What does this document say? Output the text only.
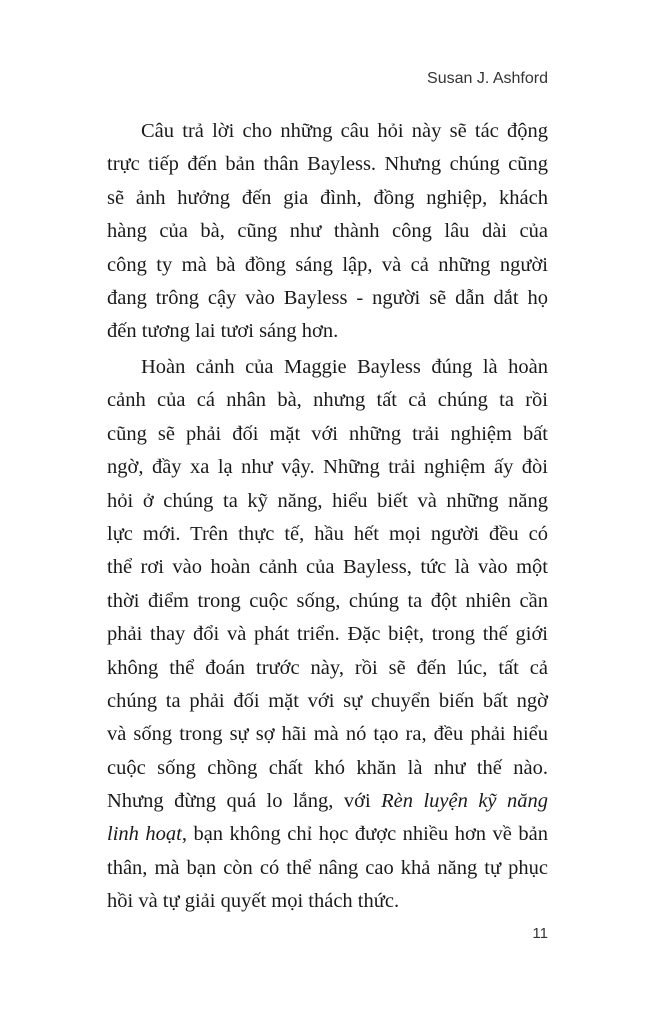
Susan J. Ashford
Câu trả lời cho những câu hỏi này sẽ tác động
trực tiếp đến bản thân Bayless. Nhưng chúng cũng
sẽ ảnh hưởng đến gia đình, đồng nghiệp, khách
hàng của bà, cũng như thành công lâu dài của
công ty mà bà đồng sáng lập, và cả những người
đang trông cậy vào Bayless - người sẽ dẫn dắt họ
đến tương lai tươi sáng hơn.
Hoàn cảnh của Maggie Bayless đúng là hoàn
cảnh của cá nhân bà, nhưng tất cả chúng ta rồi
cũng sẽ phải đối mặt với những trải nghiệm bất
ngờ, đầy xa lạ như vậy. Những trải nghiệm ấy đòi
hỏi ở chúng ta kỹ năng, hiểu biết và những năng
lực mới. Trên thực tế, hầu hết mọi người đều có
thể rơi vào hoàn cảnh của Bayless, tức là vào một
thời điểm trong cuộc sống, chúng ta đột nhiên cần
phải thay đổi và phát triển. Đặc biệt, trong thế giới
không thể đoán trước này, rồi sẽ đến lúc, tất cả
chúng ta phải đối mặt với sự chuyển biến bất ngờ
và sống trong sự sợ hãi mà nó tạo ra, đều phải hiểu
cuộc sống chồng chất khó khăn là như thế nào.
Nhưng đừng quá lo lắng, với Rèn luyện kỹ năng
linh hoạt, bạn không chỉ học được nhiều hơn về bản
thân, mà bạn còn có thể nâng cao khả năng tự phục
hồi và tự giải quyết mọi thách thức.
11
